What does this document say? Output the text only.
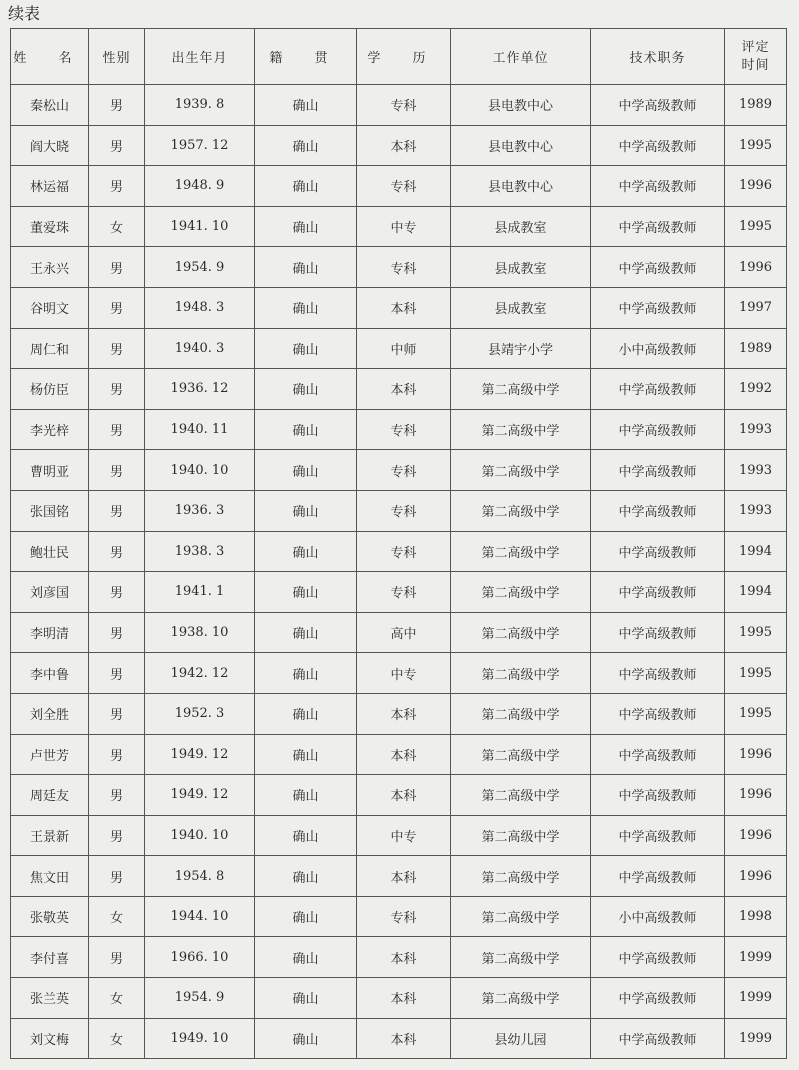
续表
姓 名	性别	出生年月	籍 贯	学 历	工作单位	技术职务	评定
时间

秦松山	男	1939. 8	确山	专科	县电教中心	中学高级教师	1989
阎大晓	男	1957. 12	确山	本科	县电教中心	中学高级教师	1995
林运福	男	1948. 9	确山	专科	县电教中心	中学高级教师	1996
董爱珠	女	1941. 10	确山	中专	县成教室	中学高级教师	1995
王永兴	男	1954. 9	确山	专科	县成教室	中学高级教师	1996
谷明文	男	1948. 3	确山	本科	县成教室	中学高级教师	1997
周仁和	男	1940. 3	确山	中师	县靖宇小学	小中高级教师	1989
杨仿臣	男	1936. 12	确山	本科	第二高级中学	中学高级教师	1992
李光梓	男	1940. 11	确山	专科	第二高级中学	中学高级教师	1993
曹明亚	男	1940. 10	确山	专科	第二高级中学	中学高级教师	1993
张国铭	男	1936. 3	确山	专科	第二高级中学	中学高级教师	1993
鲍壮民	男	1938. 3	确山	专科	第二高级中学	中学高级教师	1994
刘彦国	男	1941. 1	确山	专科	第二高级中学	中学高级教师	1994
李明清	男	1938. 10	确山	高中	第二高级中学	中学高级教师	1995
李中鲁	男	1942. 12	确山	中专	第二高级中学	中学高级教师	1995
刘全胜	男	1952. 3	确山	本科	第二高级中学	中学高级教师	1995
卢世芳	男	1949. 12	确山	本科	第二高级中学	中学高级教师	1996
周廷友	男	1949. 12	确山	本科	第二高级中学	中学高级教师	1996
王景新	男	1940. 10	确山	中专	第二高级中学	中学高级教师	1996
焦文田	男	1954. 8	确山	本科	第二高级中学	中学高级教师	1996
张敬英	女	1944. 10	确山	专科	第二高级中学	小中高级教师	1998
李付喜	男	1966. 10	确山	本科	第二高级中学	中学高级教师	1999
张兰英	女	1954. 9	确山	本科	第二高级中学	中学高级教师	1999
刘文梅	女	1949. 10	确山	本科	县幼儿园	中学高级教师	1999
